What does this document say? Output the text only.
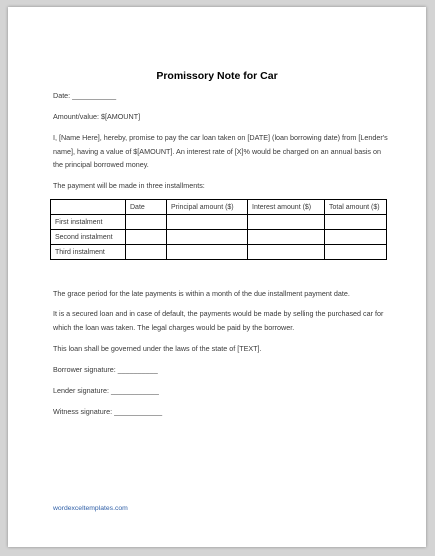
Promissory Note for Car
Date: ___________
Amount/value: $[AMOUNT]
I, [Name Here], hereby, promise to pay the car loan taken on [DATE] (loan borrowing date) from [Lender's name], having a value of $[AMOUNT]. An interest rate of [X]% would be charged on an annual basis on the principal borrowed money.
The payment will be made in three installments:
	Date	Principal amount ($)	Interest amount ($)	Total amount ($)
First instalment				
Second instalment				
Third instalment				
The grace period for the late payments is within a month of the due installment payment date.
It is a secured loan and in case of default, the payments would be made by selling the purchased car for which the loan was taken. The legal charges would be paid by the borrower.
This loan shall be governed under the laws of the state of [TEXT].
Borrower signature: __________
Lender signature: ____________
Witness signature: ____________
wordexceltemplates.com
